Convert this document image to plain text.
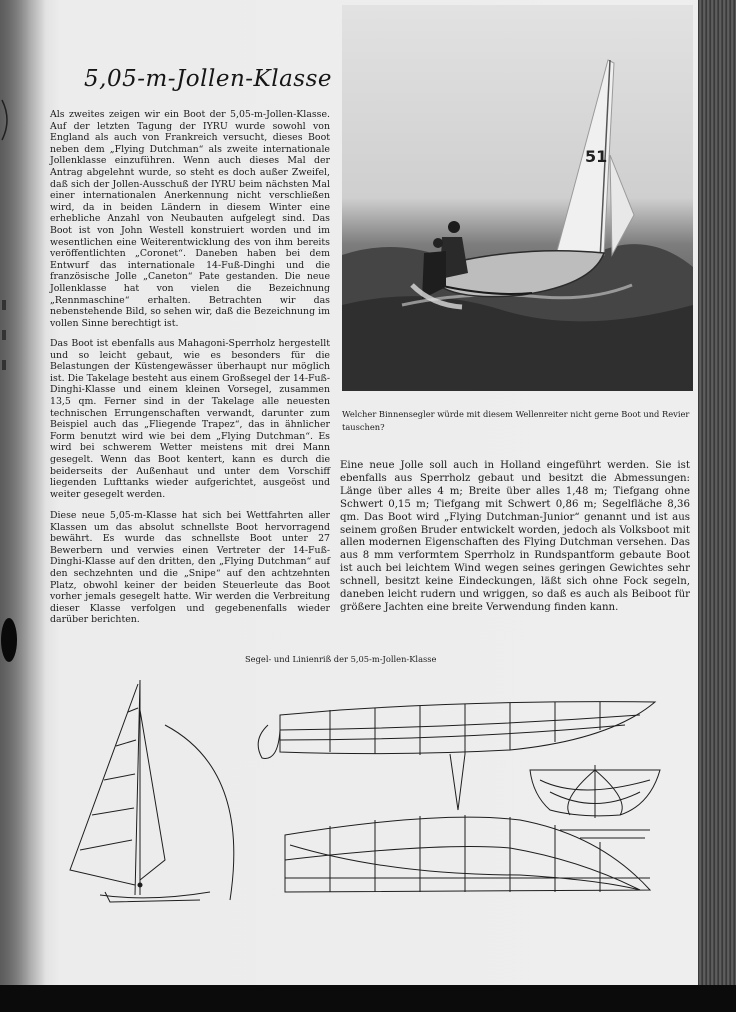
5,05-m-Jollen-Klasse

Als zweites zeigen wir ein Boot der 5,05-m-Jollen-Klasse. Auf der letzten Tagung der IYRU wurde sowohl von England als auch von Frankreich versucht, dieses Boot neben dem „Flying Dutchman“ als zweite internationale Jollenklasse einzuführen. Wenn auch dieses Mal der Antrag abgelehnt wurde, so steht es doch außer Zweifel, daß sich der Jollen-Ausschuß der IYRU beim nächsten Mal einer internationalen Anerkennung nicht verschließen wird, da in beiden Ländern in diesem Winter eine erhebliche Anzahl von Neubauten aufgelegt sind. Das Boot ist von John Westell konstruiert worden und im wesentlichen eine Weiterentwicklung des von ihm bereits veröffentlichten „Coronet“. Daneben haben bei dem Entwurf das internationale 14-Fuß-Dinghi und die französische Jolle „Caneton“ Pate gestanden. Die neue Jollenklasse hat von vielen die Bezeichnung „Rennmaschine“ erhalten. Betrachten wir das nebenstehende Bild, so sehen wir, daß die Bezeichnung im vollen Sinne berechtigt ist.

Das Boot ist ebenfalls aus Mahagoni-Sperrholz hergestellt und so leicht gebaut, wie es besonders für die Belastungen der Küstengewässer überhaupt nur möglich ist. Die Takelage besteht aus einem Großsegel der 14-Fuß-Dinghi-Klasse und einem kleinen Vorsegel, zusammen 13,5 qm. Ferner sind in der Takelage alle neuesten technischen Errungenschaften verwandt, darunter zum Beispiel auch das „Fliegende Trapez“, das in ähnlicher Form benutzt wird wie bei dem „Flying Dutchman“. Es wird bei schwerem Wetter meistens mit drei Mann gesegelt. Wenn das Boot kentert, kann es durch die beiderseits der Außenhaut und unter dem Vorschiff liegenden Lufttanks wieder aufgerichtet, ausgeöst und weiter gesegelt werden.

Diese neue 5,05-m-Klasse hat sich bei Wettfahrten aller Klassen um das absolut schnellste Boot hervorragend bewährt. Es wurde das schnellste Boot unter 27 Bewerbern und verwies einen Vertreter der 14-Fuß-Dinghi-Klasse auf den dritten, den „Flying Dutchman“ auf den sechzehnten und die „Snipe“ auf den achtzehnten Platz, obwohl keiner der beiden Steuerleute das Boot vorher jemals gesegelt hatte. Wir werden die Verbreitung dieser Klasse verfolgen und gegebenenfalls wieder darüber berichten.

51

Welcher Binnensegler würde mit diesem Wellenreiter nicht gerne Boot und Revier tauschen?

Eine neue Jolle soll auch in Holland eingeführt werden. Sie ist ebenfalls aus Sperrholz gebaut und besitzt die Abmessungen: Länge über alles 4 m; Breite über alles 1,48 m; Tiefgang ohne Schwert 0,15 m; Tiefgang mit Schwert 0,86 m; Segelfläche 8,36 qm. Das Boot wird „Flying Dutchman-Junior“ genannt und ist aus seinem großen Bruder entwickelt worden, jedoch als Volksboot mit allen modernen Eigenschaften des Flying Dutchman versehen. Das aus 8 mm verformtem Sperrholz in Rundspantform gebaute Boot ist auch bei leichtem Wind wegen seines geringen Gewichtes sehr schnell, besitzt keine Eindeckungen, läßt sich ohne Fock segeln, daneben leicht rudern und wriggen, so daß es auch als Beiboot für größere Jachten eine breite Verwendung finden kann.

Segel- und Linienriß der 5,05-m-Jollen-Klasse
